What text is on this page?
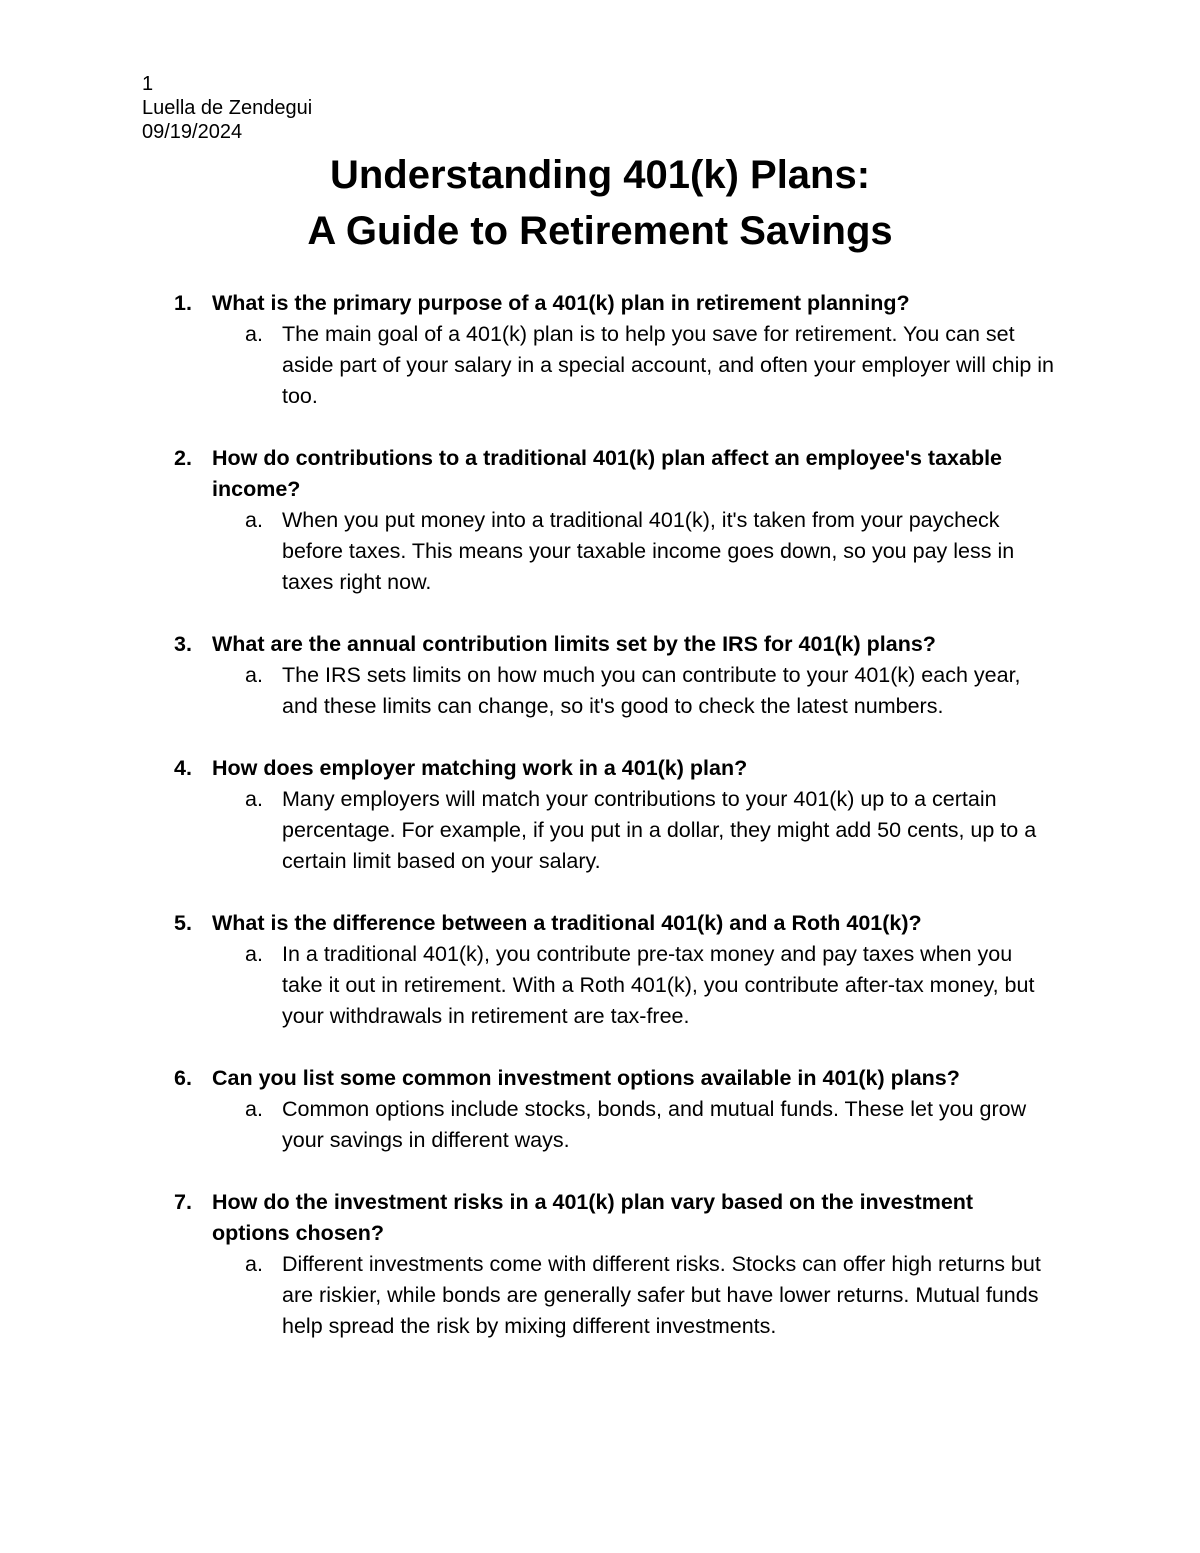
1
Luella de Zendegui
09/19/2024
Understanding 401(k) Plans:
A Guide to Retirement Savings
1. What is the primary purpose of a 401(k) plan in retirement planning?
a. The main goal of a 401(k) plan is to help you save for retirement. You can set aside part of your salary in a special account, and often your employer will chip in too.
2. How do contributions to a traditional 401(k) plan affect an employee's taxable income?
a. When you put money into a traditional 401(k), it's taken from your paycheck before taxes. This means your taxable income goes down, so you pay less in taxes right now.
3. What are the annual contribution limits set by the IRS for 401(k) plans?
a. The IRS sets limits on how much you can contribute to your 401(k) each year, and these limits can change, so it's good to check the latest numbers.
4. How does employer matching work in a 401(k) plan?
a. Many employers will match your contributions to your 401(k) up to a certain percentage. For example, if you put in a dollar, they might add 50 cents, up to a certain limit based on your salary.
5. What is the difference between a traditional 401(k) and a Roth 401(k)?
a. In a traditional 401(k), you contribute pre-tax money and pay taxes when you take it out in retirement. With a Roth 401(k), you contribute after-tax money, but your withdrawals in retirement are tax-free.
6. Can you list some common investment options available in 401(k) plans?
a. Common options include stocks, bonds, and mutual funds. These let you grow your savings in different ways.
7. How do the investment risks in a 401(k) plan vary based on the investment options chosen?
a. Different investments come with different risks. Stocks can offer high returns but are riskier, while bonds are generally safer but have lower returns. Mutual funds help spread the risk by mixing different investments.
